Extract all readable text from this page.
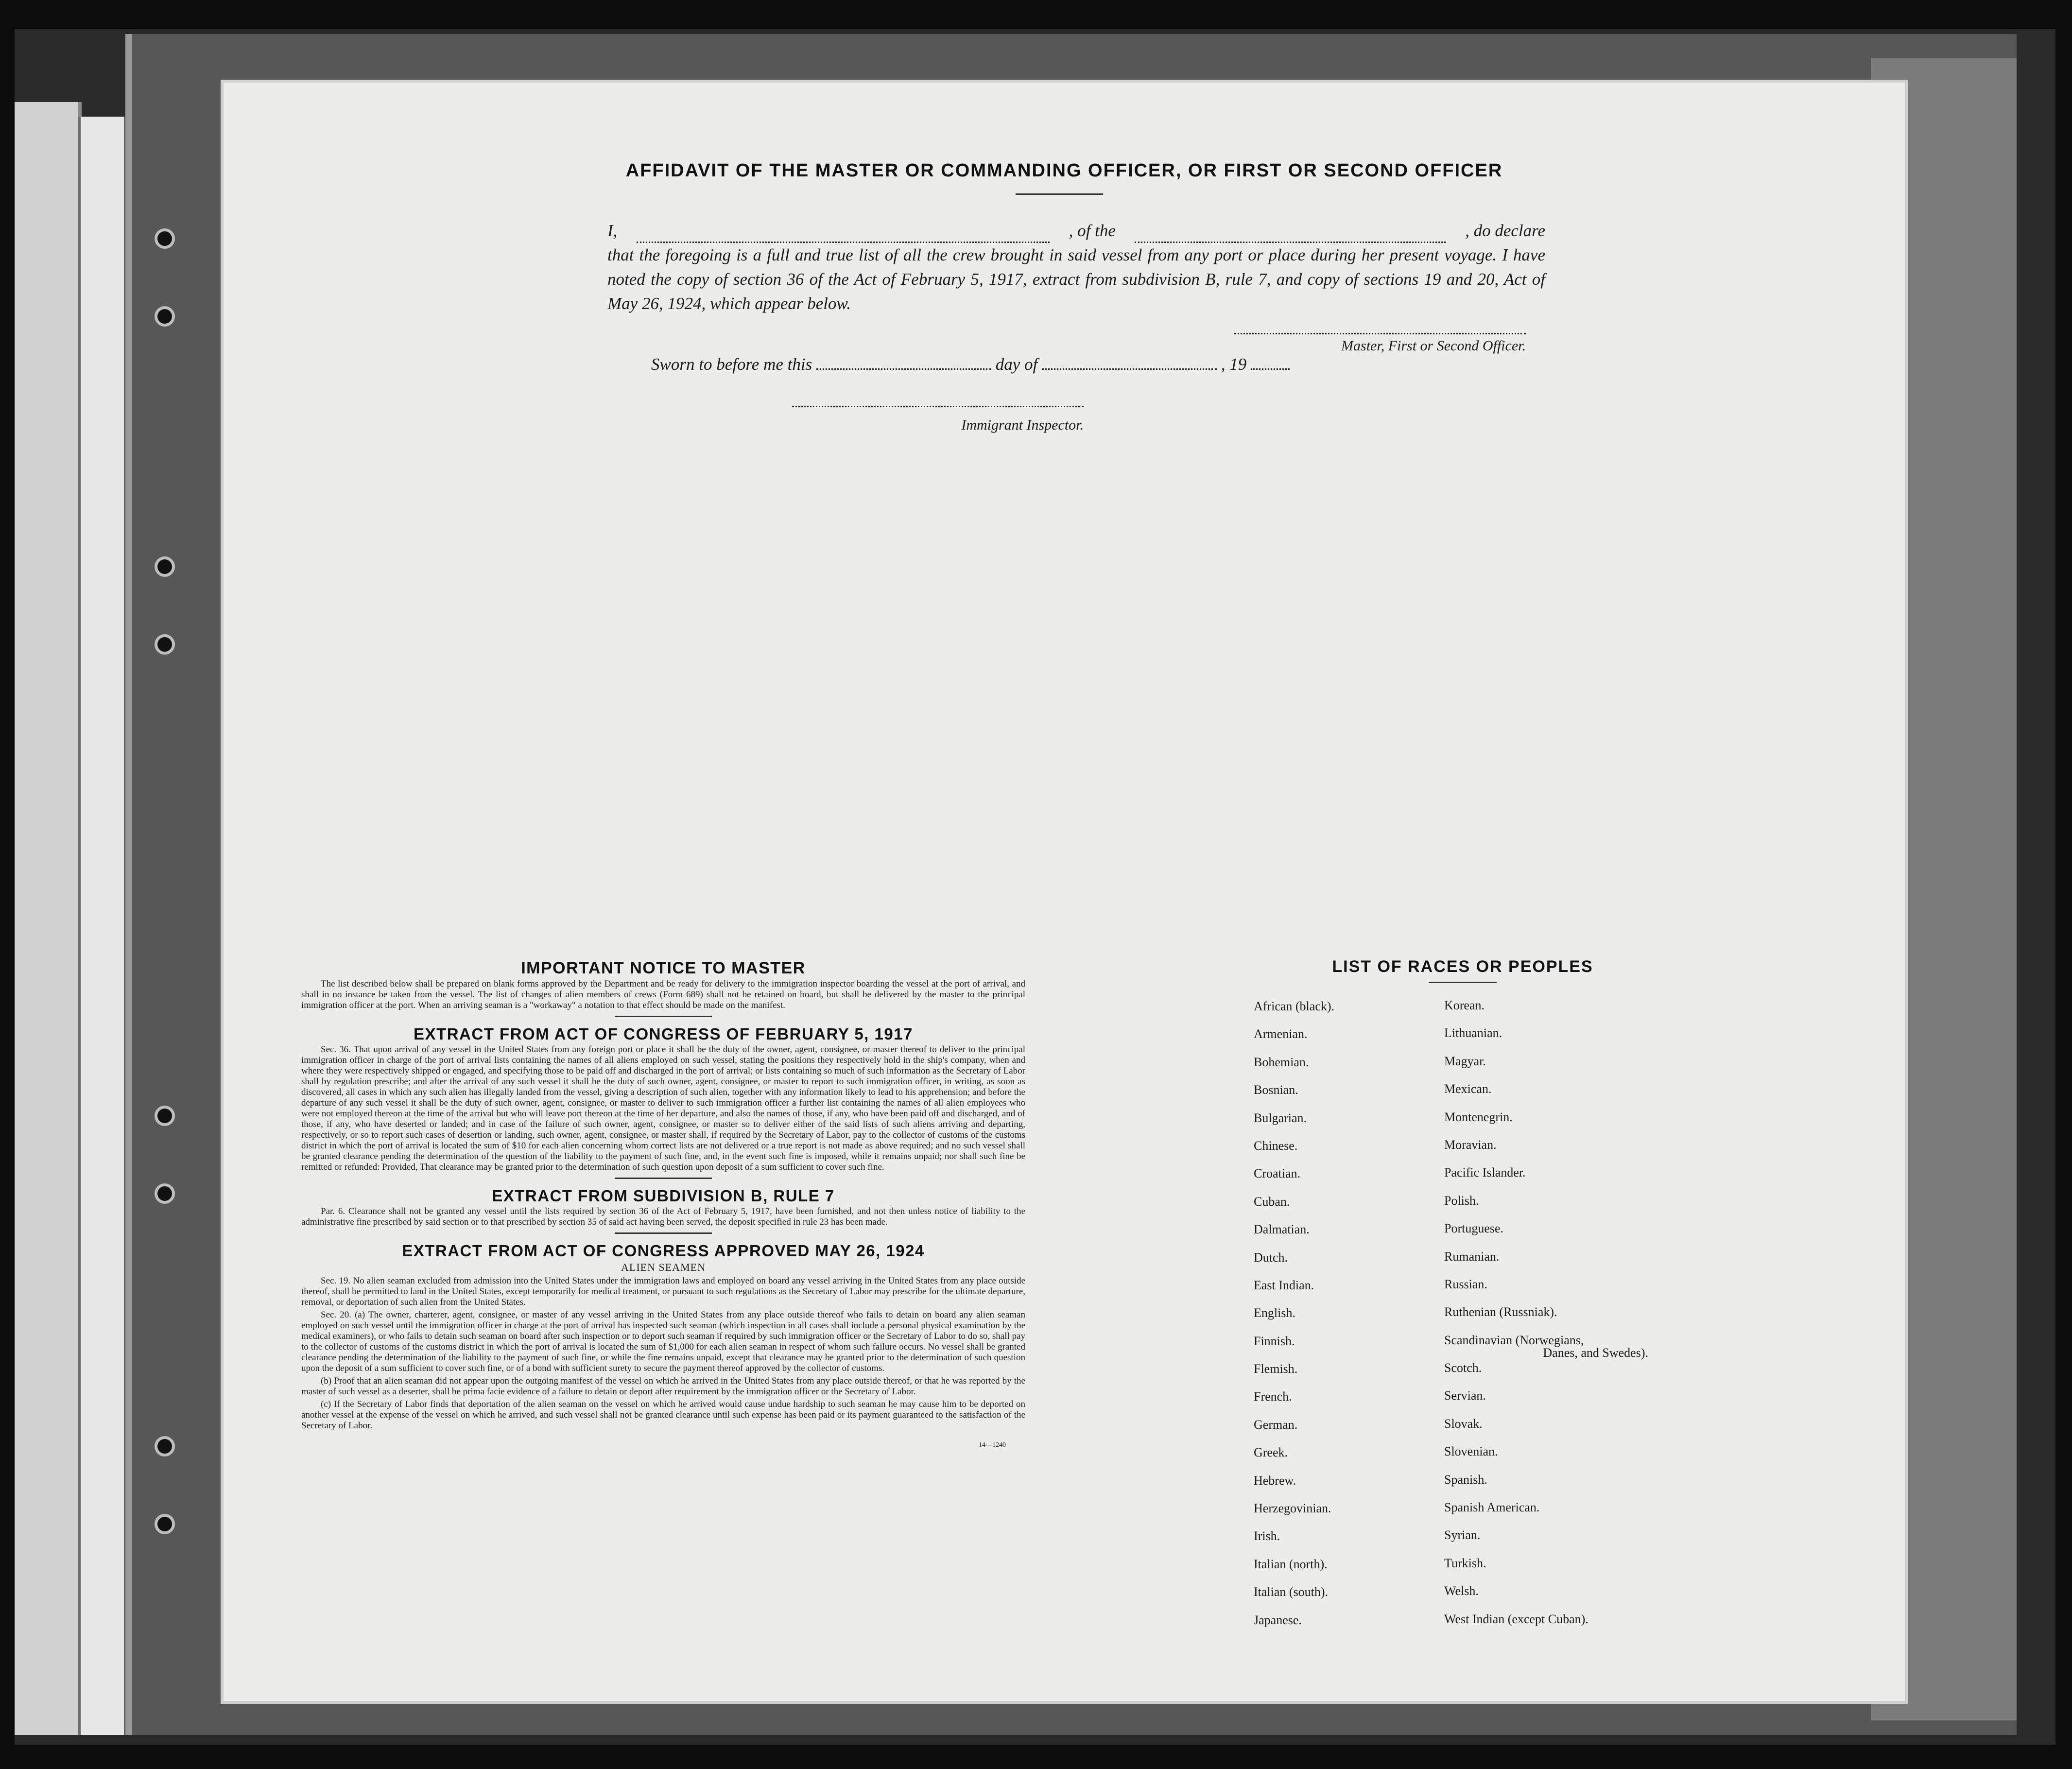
AFFIDAVIT OF THE MASTER OR COMMANDING OFFICER, OR FIRST OR SECOND OFFICER
I,	, of the	, do declare
that the foregoing is a full and true list of all the crew brought in said vessel from any port or place during her present voyage. I have noted the copy of section 36 of the Act of February 5, 1917, extract from subdivision B, rule 7, and copy of sections 19 and 20, Act of May 26, 1924, which appear below.
Master, First or Second Officer.
Sworn to before me this	day of	, 19
Immigrant Inspector.
IMPORTANT NOTICE TO MASTER

The list described below shall be prepared on blank forms approved by the Department and be ready for delivery to the immigration inspector boarding the vessel at the port of arrival, and shall in no instance be taken from the vessel. The list of changes of alien members of crews (Form 689) shall not be retained on board, but shall be delivered by the master to the principal immigration officer at the port. When an arriving seaman is a "workaway" a notation to that effect should be made on the manifest.

EXTRACT FROM ACT OF CONGRESS OF FEBRUARY 5, 1917

Sec. 36. That upon arrival of any vessel in the United States from any foreign port or place it shall be the duty of the owner, agent, consignee, or master thereof to deliver to the principal immigration officer in charge of the port of arrival lists containing the names of all aliens employed on such vessel, stating the positions they respectively hold in the ship's company, when and where they were respectively shipped or engaged, and specifying those to be paid off and discharged in the port of arrival; or lists containing so much of such information as the Secretary of Labor shall by regulation prescribe; and after the arrival of any such vessel it shall be the duty of such owner, agent, consignee, or master to report to such immigration officer, in writing, as soon as discovered, all cases in which any such alien has illegally landed from the vessel, giving a description of such alien, together with any information likely to lead to his apprehension; and before the departure of any such vessel it shall be the duty of such owner, agent, consignee, or master to deliver to such immigration officer a further list containing the names of all alien employees who were not employed thereon at the time of the arrival but who will leave port thereon at the time of her departure, and also the names of those, if any, who have been paid off and discharged, and of those, if any, who have deserted or landed; and in case of the failure of such owner, agent, consignee, or master so to deliver either of the said lists of such aliens arriving and departing, respectively, or so to report such cases of desertion or landing, such owner, agent, consignee, or master shall, if required by the Secretary of Labor, pay to the collector of customs of the customs district in which the port of arrival is located the sum of $10 for each alien concerning whom correct lists are not delivered or a true report is not made as above required; and no such vessel shall be granted clearance pending the determination of the question of the liability to the payment of such fine, and, in the event such fine is imposed, while it remains unpaid; nor shall such fine be remitted or refunded: Provided, That clearance may be granted prior to the determination of such question upon deposit of a sum sufficient to cover such fine.

EXTRACT FROM SUBDIVISION B, RULE 7

Par. 6. Clearance shall not be granted any vessel until the lists required by section 36 of the Act of February 5, 1917, have been furnished, and not then unless notice of liability to the administrative fine prescribed by said section or to that prescribed by section 35 of said act having been served, the deposit specified in rule 23 has been made.

EXTRACT FROM ACT OF CONGRESS APPROVED MAY 26, 1924
ALIEN SEAMEN

Sec. 19. No alien seaman excluded from admission into the United States under the immigration laws and employed on board any vessel arriving in the United States from any place outside thereof, shall be permitted to land in the United States, except temporarily for medical treatment, or pursuant to such regulations as the Secretary of Labor may prescribe for the ultimate departure, removal, or deportation of such alien from the United States.

Sec. 20. (a) The owner, charterer, agent, consignee, or master of any vessel arriving in the United States from any place outside thereof who fails to detain on board any alien seaman employed on such vessel until the immigration officer in charge at the port of arrival has inspected such seaman (which inspection in all cases shall include a personal physical examination by the medical examiners), or who fails to detain such seaman on board after such inspection or to deport such seaman if required by such immigration officer or the Secretary of Labor to do so, shall pay to the collector of customs of the customs district in which the port of arrival is located the sum of $1,000 for each alien seaman in respect of whom such failure occurs. No vessel shall be granted clearance pending the determination of the liability to the payment of such fine, or while the fine remains unpaid, except that clearance may be granted prior to the determination of such question upon the deposit of a sum sufficient to cover such fine, or of a bond with sufficient surety to secure the payment thereof approved by the collector of customs.

(b) Proof that an alien seaman did not appear upon the outgoing manifest of the vessel on which he arrived in the United States from any place outside thereof, or that he was reported by the master of such vessel as a deserter, shall be prima facie evidence of a failure to detain or deport after requirement by the immigration officer or the Secretary of Labor.

(c) If the Secretary of Labor finds that deportation of the alien seaman on the vessel on which he arrived would cause undue hardship to such seaman he may cause him to be deported on another vessel at the expense of the vessel on which he arrived, and such vessel shall not be granted clearance until such expense has been paid or its payment guaranteed to the satisfaction of the Secretary of Labor.

14—1240
LIST OF RACES OR PEOPLES
African (black).	Korean.
Armenian.	Lithuanian.
Bohemian.	Magyar.
Bosnian.	Mexican.
Bulgarian.	Montenegrin.
Chinese.	Moravian.
Croatian.	Pacific Islander.
Cuban.	Polish.
Dalmatian.	Portuguese.
Dutch.	Rumanian.
East Indian.	Russian.
English.	Ruthenian (Russniak).
Finnish.	Scandinavian (Norwegians,
Danes, and Swedes).
Flemish.	Scotch.
French.	Servian.
German.	Slovak.
Greek.	Slovenian.
Hebrew.	Spanish.
Herzegovinian.	Spanish American.
Irish.	Syrian.
Italian (north).	Turkish.
Italian (south).	Welsh.
Japanese.	West Indian (except Cuban).
